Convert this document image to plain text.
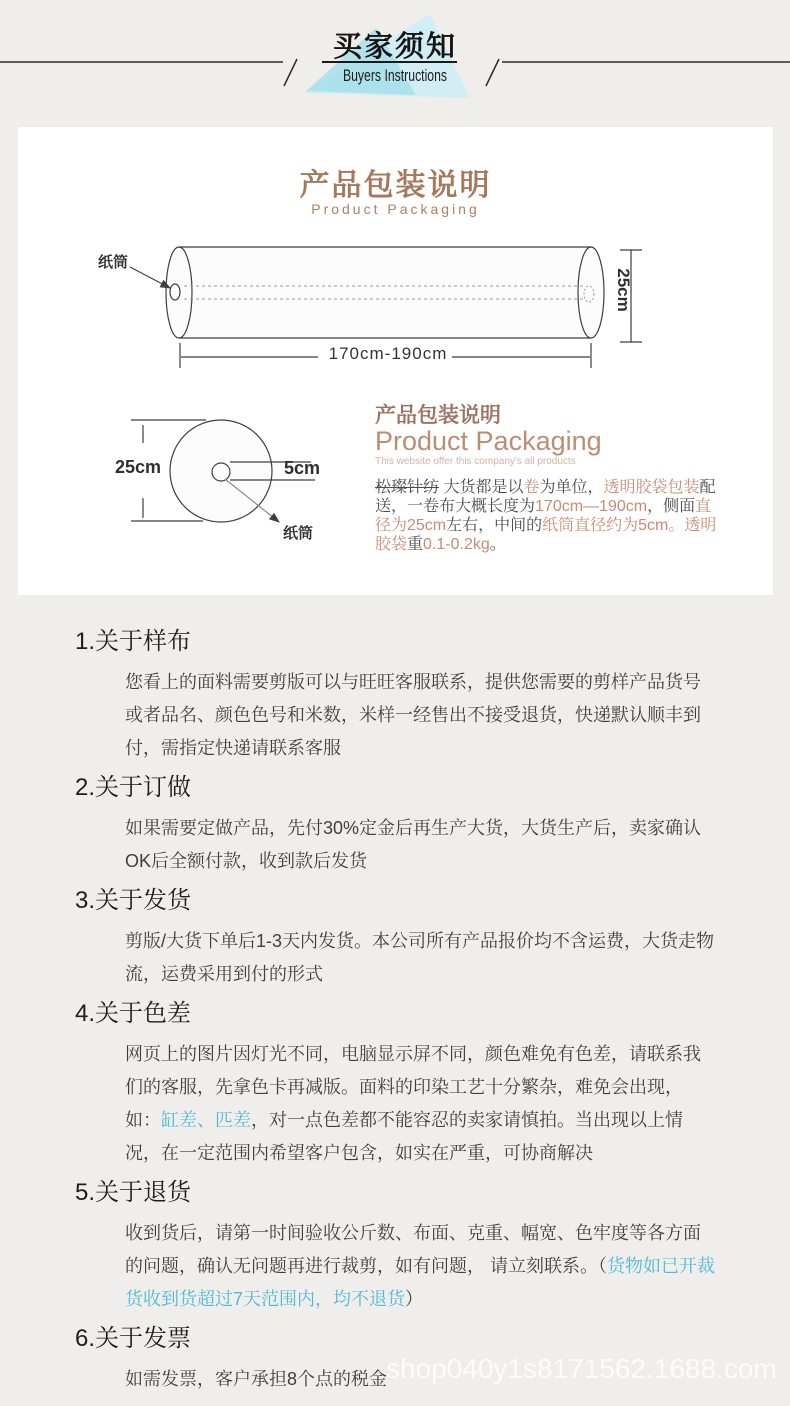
买家须知
Buyers Instructions
产品包装说明
Product Packaging
纸筒
170cm-190cm
25cm
25cm	5cm
纸筒
产品包装说明
Product Packaging
This website offer this company's all products
松璨针纺 大货都是以卷为单位，透明胶袋包装配送，一卷布大概长度为170cm—190cm，侧面直径为25cm左右，中间的纸筒直径约为5cm。透明胶袋重0.1-0.2kg。
1.关于样布
您看上的面料需要剪版可以与旺旺客服联系，提供您需要的剪样产品货号或者品名、颜色色号和米数，米样一经售出不接受退货，快递默认顺丰到付，需指定快递请联系客服
2.关于订做
如果需要定做产品，先付30%定金后再生产大货，大货生产后，卖家确认OK后全额付款，收到款后发货
3.关于发货
剪版/大货下单后1-3天内发货。本公司所有产品报价均不含运费，大货走物流，运费采用到付的形式
4.关于色差
网页上的图片因灯光不同，电脑显示屏不同，颜色难免有色差，请联系我们的客服，先拿色卡再减版。面料的印染工艺十分繁杂，难免会出现，如：缸差、匹差，对一点色差都不能容忍的卖家请慎拍。当出现以上情况，在一定范围内希望客户包含，如实在严重，可协商解决
5.关于退货
收到货后，请第一时间验收公斤数、布面、克重、幅宽、色牢度等各方面的问题，确认无问题再进行裁剪，如有问题， 请立刻联系。（货物如已开裁货收到货超过7天范围内，均不退货）
6.关于发票
如需发票，客户承担8个点的税金
shop040y1s8171562.1688.com
